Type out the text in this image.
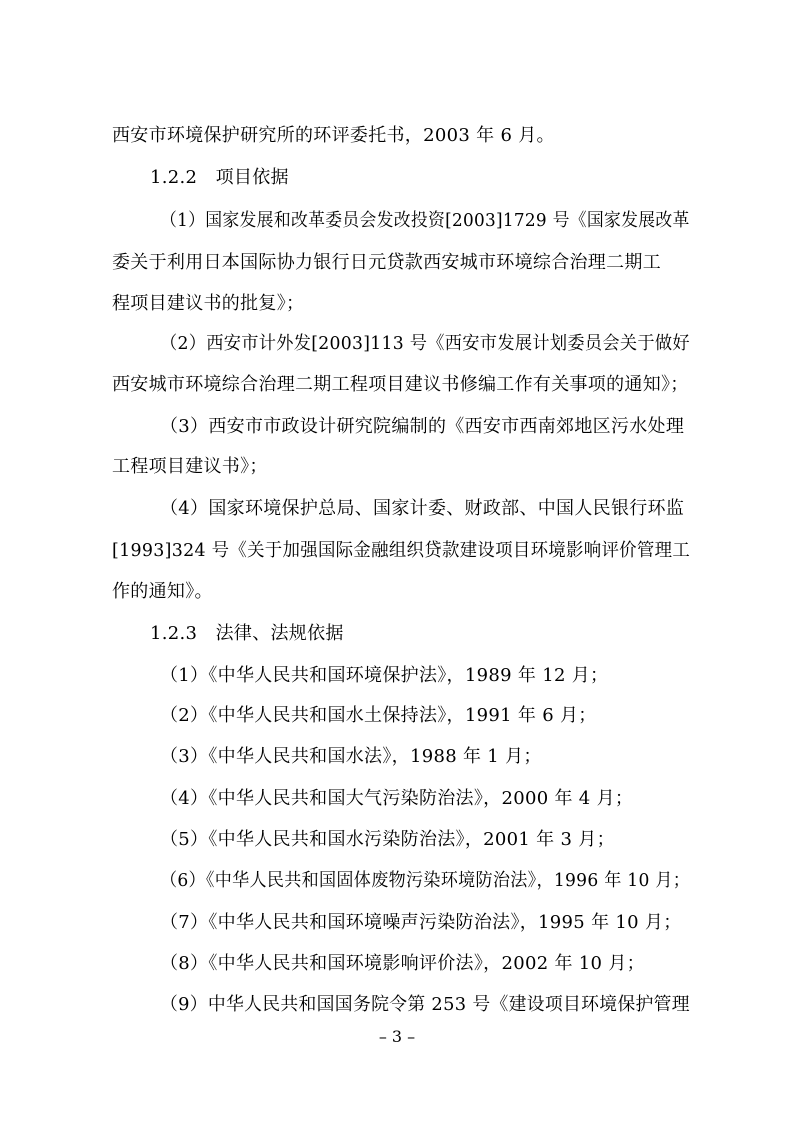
西安市环境保护研究所的环评委托书，2003 年 6 月。
1.2.2　项目依据
（1）国家发展和改革委员会发改投资[2003]1729 号《国家发展改革
委关于利用日本国际协力银行日元贷款西安城市环境综合治理二期工
程项目建议书的批复》；
（2）西安市计外发[2003]113 号《西安市发展计划委员会关于做好
西安城市环境综合治理二期工程项目建议书修编工作有关事项的通知》；
（3）西安市市政设计研究院编制的《西安市西南郊地区污水处理
工程项目建议书》；
（4）国家环境保护总局、国家计委、财政部、中国人民银行环监
[1993]324 号《关于加强国际金融组织贷款建设项目环境影响评价管理工
作的通知》。
1.2.3　法律、法规依据
（1）《中华人民共和国环境保护法》，1989 年 12 月；
（2）《中华人民共和国水土保持法》，1991 年 6 月；
（3）《中华人民共和国水法》，1988 年 1 月；
（4）《中华人民共和国大气污染防治法》，2000 年 4 月；
（5）《中华人民共和国水污染防治法》，2001 年 3 月；
（6）《中华人民共和国固体废物污染环境防治法》，1996 年 10 月；
（7）《中华人民共和国环境噪声污染防治法》，1995 年 10 月；
（8）《中华人民共和国环境影响评价法》，2002 年 10 月；
（9）中华人民共和国国务院令第 253 号《建设项目环境保护管理
– 3 –
